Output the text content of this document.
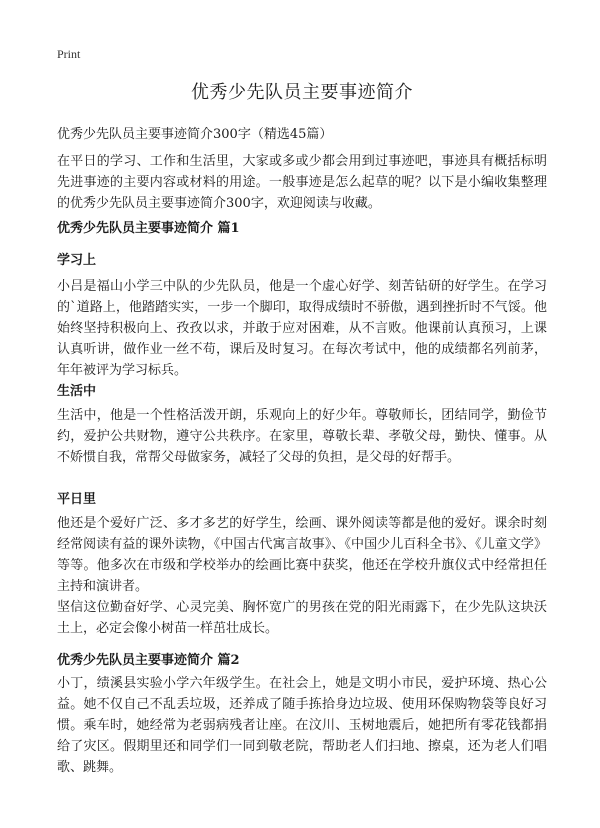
Print
优秀少先队员主要事迹简介

优秀少先队员主要事迹简介300字（精选45篇）

在平日的学习、工作和生活里，大家或多或少都会用到过事迹吧，事迹具有概括标明先进事迹的主要内容或材料的用途。一般事迹是怎么起草的呢？以下是小编收集整理的优秀少先队员主要事迹简介300字，欢迎阅读与收藏。

优秀少先队员主要事迹简介 篇1
学习上

小吕是福山小学三中队的少先队员，他是一个虚心好学、刻苦钻研的好学生。在学习的`道路上，他踏踏实实，一步一个脚印，取得成绩时不骄傲，遇到挫折时不气馁。他始终坚持积极向上、孜孜以求，并敢于应对困难，从不言败。他课前认真预习，上课认真听讲，做作业一丝不苟，课后及时复习。在每次考试中，他的成绩都名列前茅，年年被评为学习标兵。

生活中

生活中，他是一个性格活泼开朗，乐观向上的好少年。尊敬师长，团结同学，勤俭节约，爱护公共财物，遵守公共秩序。在家里，尊敬长辈、孝敬父母，勤快、懂事。从不娇惯自我，常帮父母做家务，减轻了父母的负担，是父母的好帮手。

平日里

他还是个爱好广泛、多才多艺的好学生，绘画、课外阅读等都是他的爱好。课余时刻经常阅读有益的课外读物，《中国古代寓言故事》、《中国少儿百科全书》、《儿童文学》等等。他多次在市级和学校举办的绘画比赛中获奖，他还在学校升旗仪式中经常担任主持和演讲者。

坚信这位勤奋好学、心灵完美、胸怀宽广的男孩在党的阳光雨露下，在少先队这块沃土上，必定会像小树苗一样茁壮成长。

优秀少先队员主要事迹简介 篇2

小丁，绩溪县实验小学六年级学生。在社会上，她是文明小市民，爱护环境、热心公益。她不仅自己不乱丢垃圾，还养成了随手拣拾身边垃圾、使用环保购物袋等良好习惯。乘车时，她经常为老弱病残者让座。在汶川、玉树地震后，她把所有零花钱都捐给了灾区。假期里还和同学们一同到敬老院，帮助老人们扫地、擦桌，还为老人们唱歌、跳舞。
